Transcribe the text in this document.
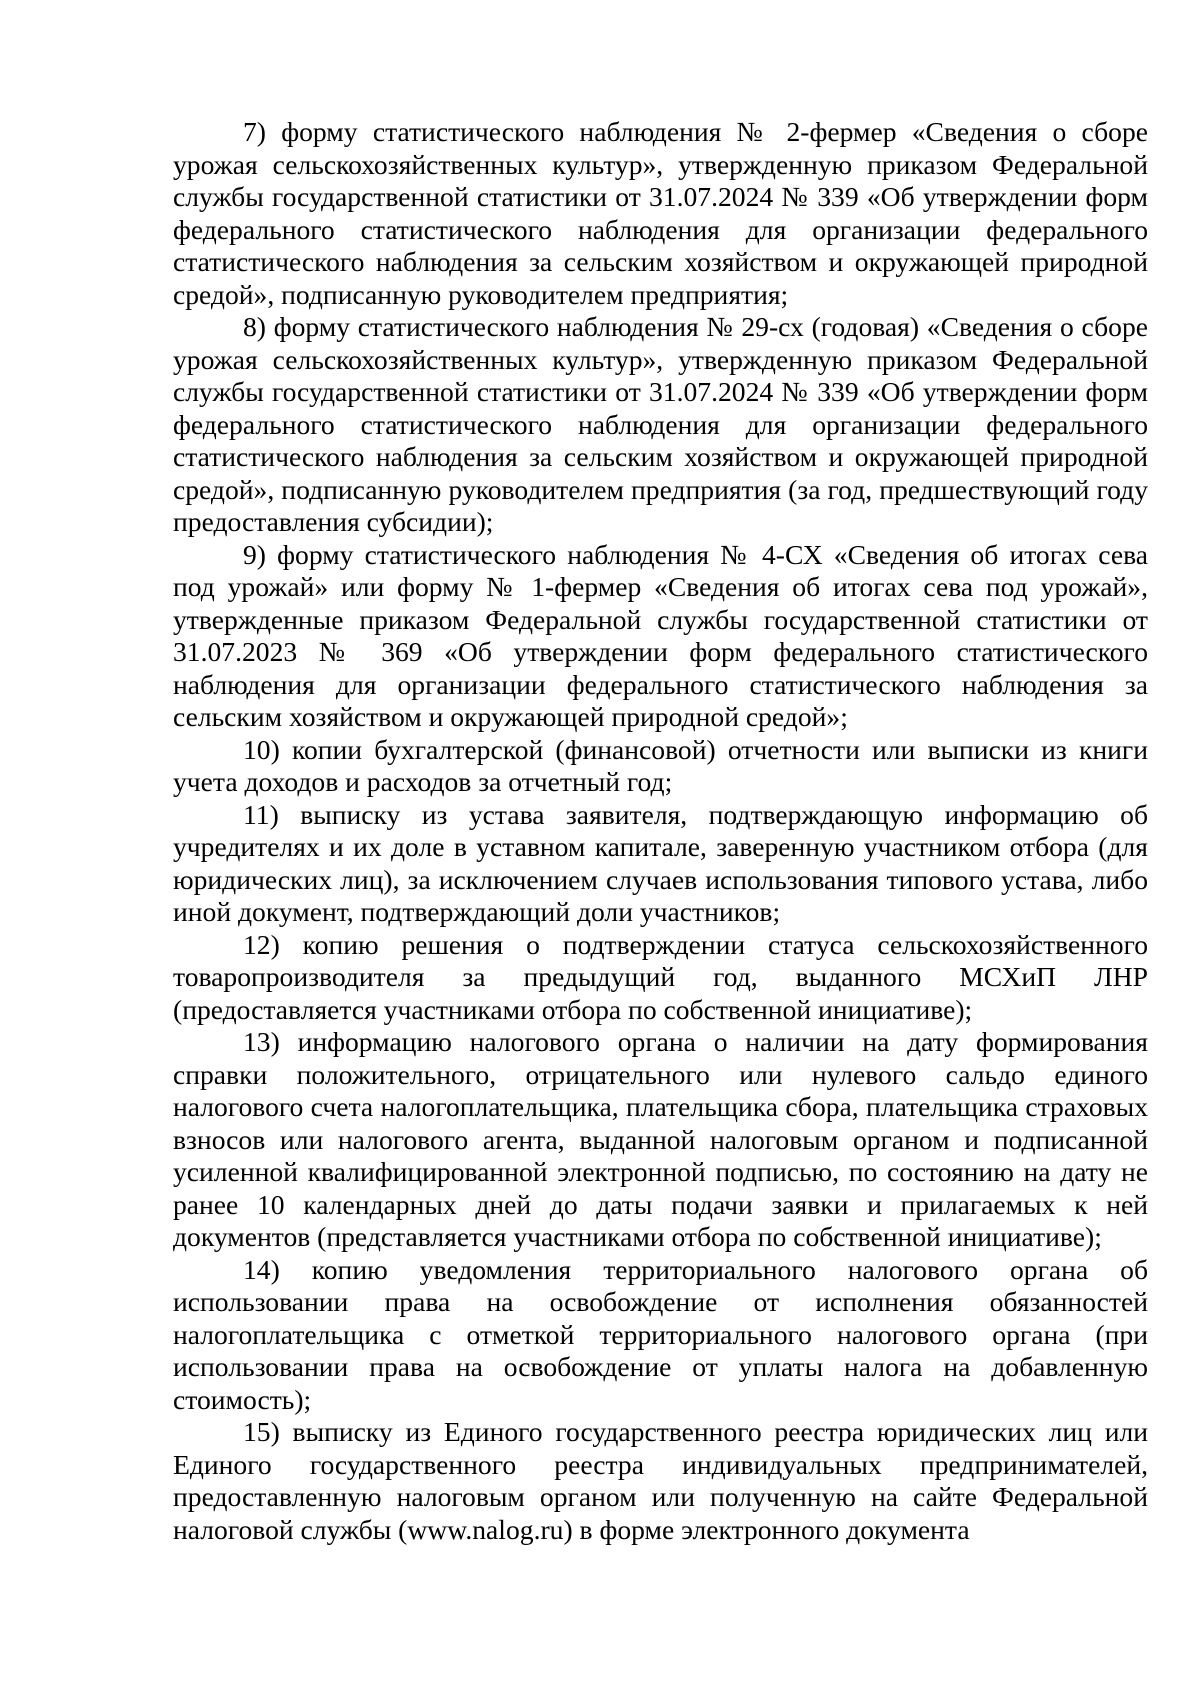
7) форму статистического наблюдения № 2-фермер «Сведения о сборе урожая сельскохозяйственных культур», утвержденную приказом Федеральной службы государственной статистики от 31.07.2024 № 339 «Об утверждении форм федерального статистического наблюдения для организации федерального статистического наблюдения за сельским хозяйством и окружающей природной средой», подписанную руководителем предприятия;

8) форму статистического наблюдения № 29-сх (годовая) «Сведения о сборе урожая сельскохозяйственных культур», утвержденную приказом Федеральной службы государственной статистики от 31.07.2024 № 339 «Об утверждении форм федерального статистического наблюдения для организации федерального статистического наблюдения за сельским хозяйством и окружающей природной средой», подписанную руководителем предприятия (за год, предшествующий году предоставления субсидии);

9) форму статистического наблюдения № 4-СХ «Сведения об итогах сева под урожай» или форму № 1-фермер «Сведения об итогах сева под урожай», утвержденные приказом Федеральной службы государственной статистики от 31.07.2023 № 369 «Об утверждении форм федерального статистического наблюдения для организации федерального статистического наблюдения за сельским хозяйством и окружающей природной средой»;

10) копии бухгалтерской (финансовой) отчетности или выписки из книги учета доходов и расходов за отчетный год;

11) выписку из устава заявителя, подтверждающую информацию об учредителях и их доле в уставном капитале, заверенную участником отбора (для юридических лиц), за исключением случаев использования типового устава, либо иной документ, подтверждающий доли участников;

12) копию решения о подтверждении статуса сельскохозяйственного товаропроизводителя за предыдущий год, выданного МСХиП ЛНР (предоставляется участниками отбора по собственной инициативе);

13) информацию налогового органа о наличии на дату формирования справки положительного, отрицательного или нулевого сальдо единого налогового счета налогоплательщика, плательщика сбора, плательщика страховых взносов или налогового агента, выданной налоговым органом и подписанной усиленной квалифицированной электронной подписью, по состоянию на дату не ранее 10 календарных дней до даты подачи заявки и прилагаемых к ней документов (представляется участниками отбора по собственной инициативе);

14) копию уведомления территориального налогового органа об использовании права на освобождение от исполнения обязанностей налогоплательщика с отметкой территориального налогового органа (при использовании права на освобождение от уплаты налога на добавленную стоимость);

15) выписку из Единого государственного реестра юридических лиц или Единого государственного реестра индивидуальных предпринимателей, предоставленную налоговым органом или полученную на сайте Федеральной налоговой службы (www.nalog.ru) в форме электронного документа
